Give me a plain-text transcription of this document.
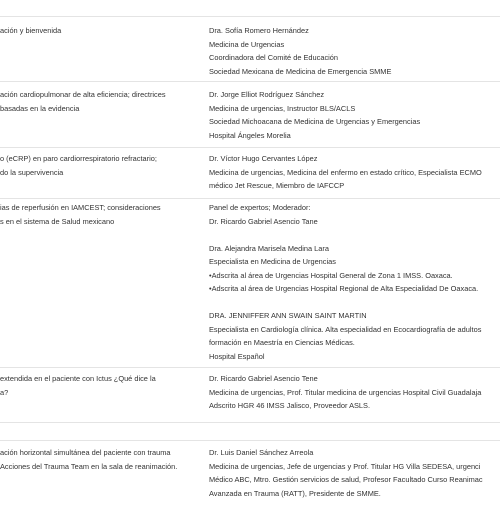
ación y bienvenida	Dra. Sofía Romero Hernández
Medicina de Urgencias
Coordinadora del Comité de Educación
Sociedad Mexicana de Medicina de Emergencia SMME
ación cardiopulmonar de alta eficiencia; directrices
basadas en la evidencia
Dr. Jorge Elliot Rodríguez Sánchez
Medicina de urgencias, Instructor BLS/ACLS
Sociedad Michoacana de Medicina de Urgencias y Emergencias
Hospital Ángeles Morelia
o (eCRP) en paro cardiorrespiratorio refractario;
do la supervivencia
Dr. Víctor Hugo Cervantes López
Medicina de urgencias, Medicina del enfermo en estado crítico, Especialista ECMO
médico Jet Rescue, Miembro de IAFCCP
ias de reperfusión en IAMCEST; consideraciones
s en el sistema de Salud mexicano
Panel de expertos; Moderador:
Dr. Ricardo Gabriel Asencio Tane
Dra. Alejandra Marisela Medina Lara
Especialista en Medicina de Urgencias
•Adscrita al área de Urgencias Hospital General de Zona 1 IMSS. Oaxaca.
•Adscrita al área de Urgencias Hospital Regional de Alta Especialidad De Oaxaca.
DRA. JENNIFFER ANN SWAIN SAINT MARTIN
Especialista en Cardiología clínica. Alta especialidad en Ecocardiografía de adultos
formación en Maestría en Ciencias Médicas.
Hospital Español
extendida en el paciente con Ictus ¿Qué dice la
a?
Dr. Ricardo Gabriel Asencio Tene
Medicina de urgencias, Prof. Titular medicina de urgencias Hospital Civil Guadalaja
Adscrito HGR 46 IMSS Jalisco, Proveedor ASLS.
ación horizontal simultánea del paciente con trauma
Acciones del Trauma Team en la sala de reanimación.
Dr. Luis Daniel Sánchez Arreola
Medicina de urgencias, Jefe de urgencias y Prof. Titular HG Villa SEDESA, urgenci
Médico ABC, Mtro. Gestión servicios de salud, Profesor Facultado Curso Reanimac
Avanzada en Trauma (RATT), Presidente de SMME.
